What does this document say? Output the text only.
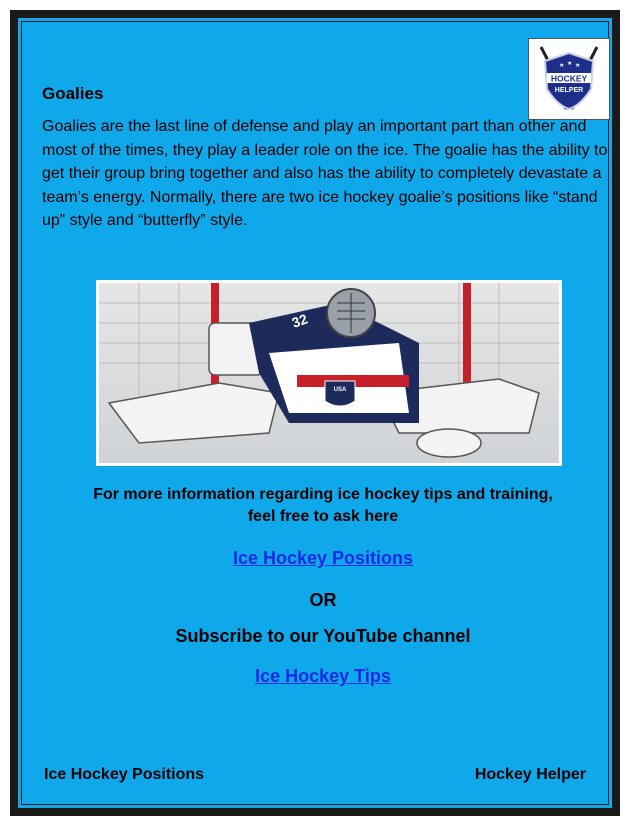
HOCKEY
HELPER
★ ★ ★
Goalies
Goalies are the last line of defense and play an important part than other and most of the times, they play a leader role on the ice. The goalie has the ability to get their group bring together and also has the ability to completely devastate a team’s energy. Normally, there are two ice hockey goalie’s positions like “stand up” style and “butterfly” style.
USA
32
For more information regarding ice hockey tips and training,
feel free to ask here
Ice Hockey Positions
OR
Subscribe to our YouTube channel
Ice Hockey Tips
Ice Hockey Positions	Hockey Helper
